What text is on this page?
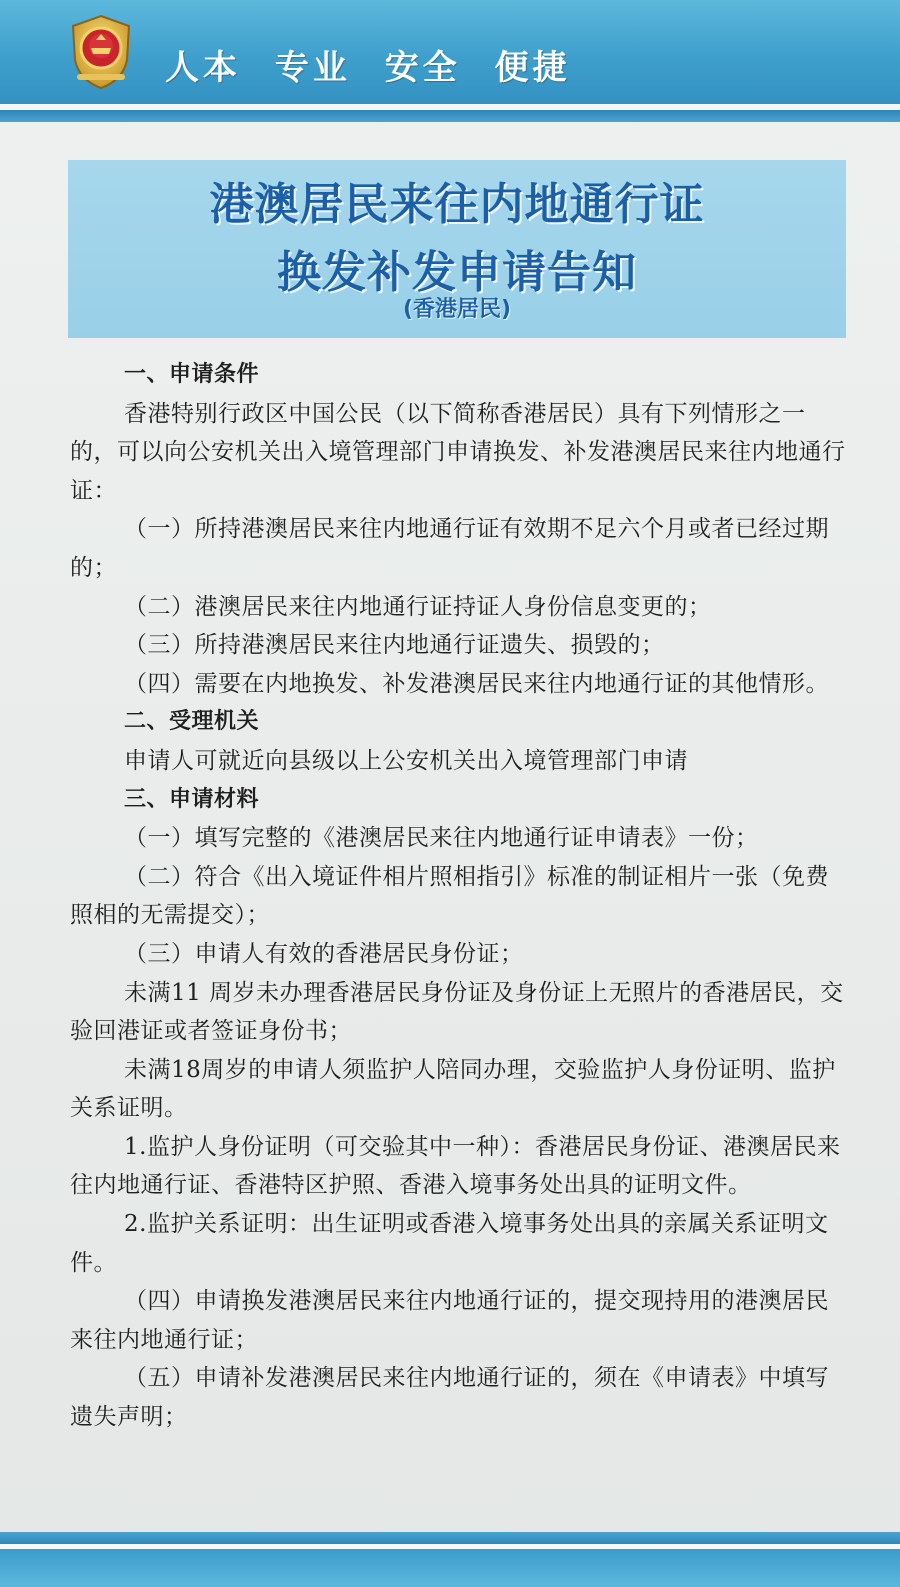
人本 专业 安全 便捷
港澳居民来往内地通行证
换发补发申请告知
(香港居民)

一、申请条件

香港特别行政区中国公民（以下简称香港居民）具有下列情形之一的，可以向公安机关出入境管理部门申请换发、补发港澳居民来往内地通行证：

（一）所持港澳居民来往内地通行证有效期不足六个月或者已经过期的；

（二）港澳居民来往内地通行证持证人身份信息变更的；

（三）所持港澳居民来往内地通行证遗失、损毁的；

（四）需要在内地换发、补发港澳居民来往内地通行证的其他情形。

二、受理机关

申请人可就近向县级以上公安机关出入境管理部门申请

三、申请材料

（一）填写完整的《港澳居民来往内地通行证申请表》一份；

（二）符合《出入境证件相片照相指引》标准的制证相片一张（免费照相的无需提交）；

（三）申请人有效的香港居民身份证；

未满11 周岁未办理香港居民身份证及身份证上无照片的香港居民，交验回港证或者签证身份书；

未满18周岁的申请人须监护人陪同办理，交验监护人身份证明、监护关系证明。

1.监护人身份证明（可交验其中一种）：香港居民身份证、港澳居民来往内地通行证、香港特区护照、香港入境事务处出具的证明文件。

2.监护关系证明：出生证明或香港入境事务处出具的亲属关系证明文件。

（四）申请换发港澳居民来往内地通行证的，提交现持用的港澳居民来往内地通行证；

（五）申请补发港澳居民来往内地通行证的，须在《申请表》中填写遗失声明；
